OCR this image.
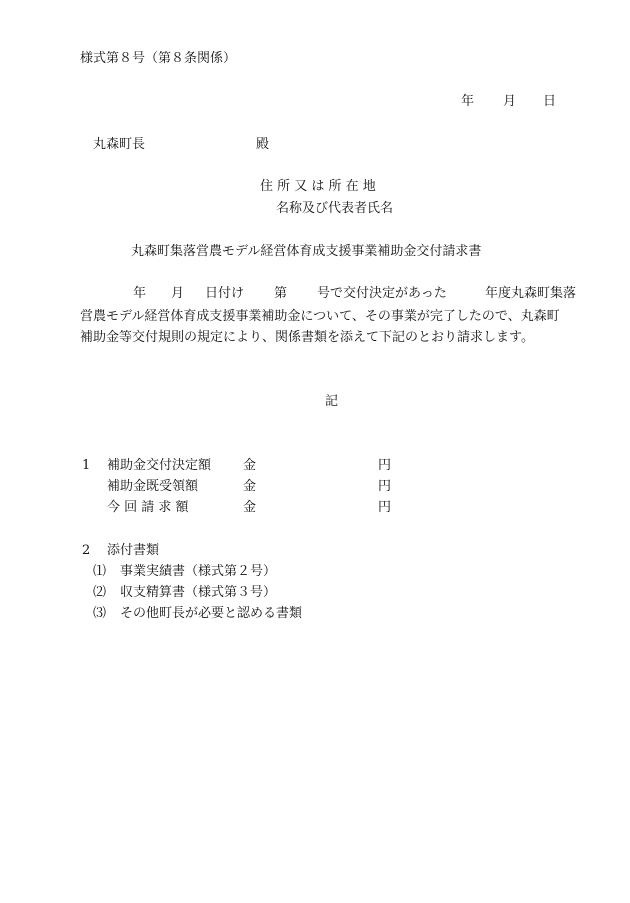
様式第８号（第８条関係）
年 月 日
丸森町長	殿
住 所 又 は 所 在 地
名称及び代表者氏名
丸森町集落営農モデル経営体育成支援事業補助金交付請求書
年 月 日付け 第 号で交付決定があった	年度丸森町集落
営農モデル経営体育成支援事業補助金について、その事業が完了したので、丸森町
補助金等交付規則の規定により、関係書類を添えて下記のとおり請求します。
記
1 補助金交付決定額 金	円
補助金既受領額	金	円
今 回 請 求 額	金	円
2 添付書類
⑴ 事業実績書（様式第２号）
⑵ 収支精算書（様式第３号）
⑶ その他町長が必要と認める書類
